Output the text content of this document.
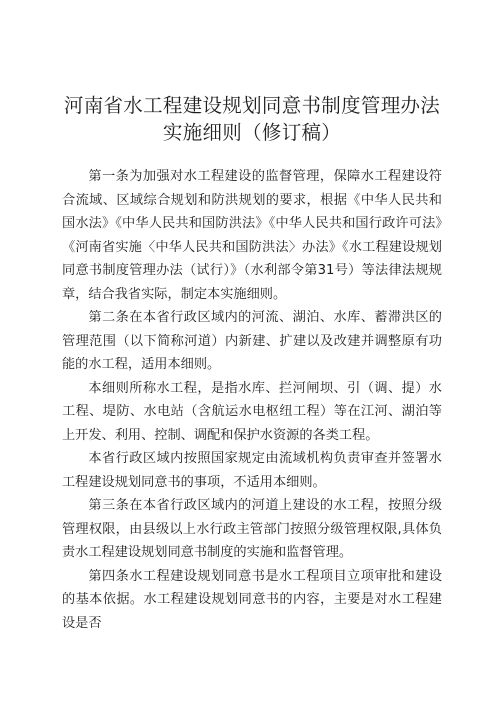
河南省水工程建设规划同意书制度管理办法
实施细则（修订稿）

第一条为加强对水工程建设的监督管理，保障水工程建设符合流域、区域综合规划和防洪规划的要求，根据《中华人民共和国水法》《中华人民共和国防洪法》《中华人民共和国行政许可法》《河南省实施〈中华人民共和国防洪法〉办法》《水工程建设规划同意书制度管理办法（试行）》（水利部令第31号）等法律法规规章，结合我省实际，制定本实施细则。

第二条在本省行政区域内的河流、湖泊、水库、蓄滞洪区的管理范围（以下简称河道）内新建、扩建以及改建并调整原有功能的水工程，适用本细则。

本细则所称水工程，是指水库、拦河闸坝、引（调、提）水工程、堤防、水电站（含航运水电枢纽工程）等在江河、湖泊等上开发、利用、控制、调配和保护水资源的各类工程。

本省行政区域内按照国家规定由流域机构负责审查并签署水工程建设规划同意书的事项，不适用本细则。

第三条在本省行政区域内的河道上建设的水工程，按照分级管理权限，由县级以上水行政主管部门按照分级管理权限,具体负责水工程建设规划同意书制度的实施和监督管理。

第四条水工程建设规划同意书是水工程项目立项审批和建设的基本依据。水工程建设规划同意书的内容，主要是对水工程建设是否
